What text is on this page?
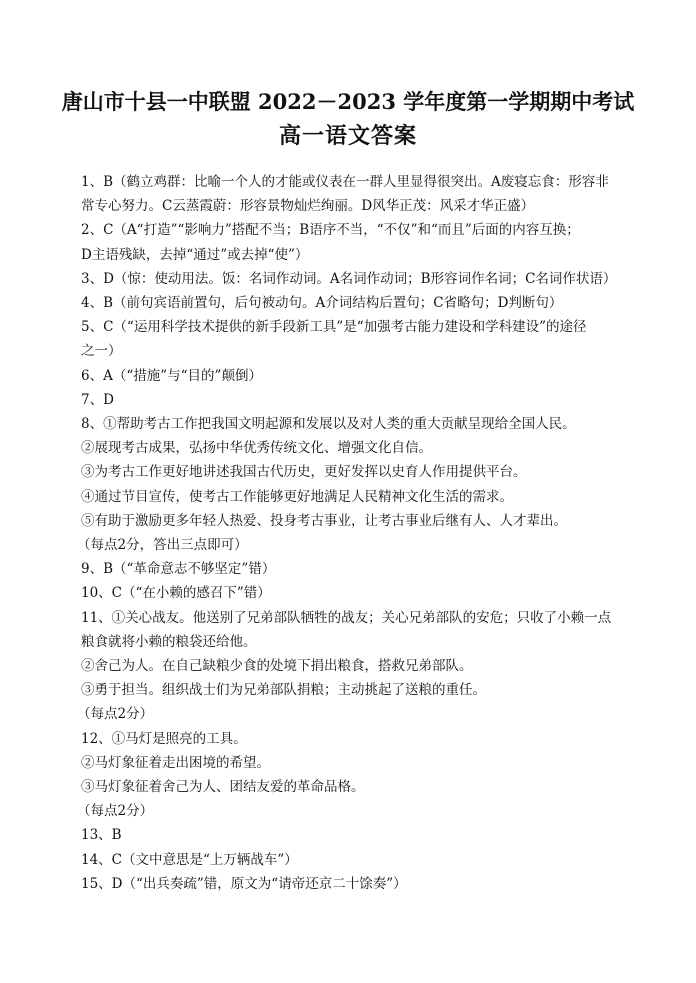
唐山市十县一中联盟 2022－2023 学年度第一学期期中考试
高一语文答案
1、B（鹤立鸡群：比喻一个人的才能或仪表在一群人里显得很突出。A废寝忘食：形容非
常专心努力。C云蒸霞蔚：形容景物灿烂绚丽。D风华正茂：风采才华正盛）
2、C（A“打造”“影响力”搭配不当；B语序不当，“不仅”和“而且”后面的内容互换；
D主语残缺，去掉“通过”或去掉“使”）
3、D（惊：使动用法。饭：名词作动词。A名词作动词；B形容词作名词；C名词作状语）
4、B（前句宾语前置句，后句被动句。A介词结构后置句；C省略句；D判断句）
5、C（“运用科学技术提供的新手段新工具”是“加强考古能力建设和学科建设”的途径
之一）
6、A（“措施”与“目的”颠倒）
7、D
8、①帮助考古工作把我国文明起源和发展以及对人类的重大贡献呈现给全国人民。
②展现考古成果，弘扬中华优秀传统文化、增强文化自信。
③为考古工作更好地讲述我国古代历史，更好发挥以史育人作用提供平台。
④通过节目宣传，使考古工作能够更好地满足人民精神文化生活的需求。
⑤有助于激励更多年轻人热爱、投身考古事业，让考古事业后继有人、人才辈出。
（每点2分，答出三点即可）
9、B（“革命意志不够坚定”错）
10、C（“在小赖的感召下”错）
11、①关心战友。他送别了兄弟部队牺牲的战友；关心兄弟部队的安危；只收了小赖一点
粮食就将小赖的粮袋还给他。
②舍己为人。在自己缺粮少食的处境下捐出粮食，搭救兄弟部队。
③勇于担当。组织战士们为兄弟部队捐粮；主动挑起了送粮的重任。
（每点2分）
12、①马灯是照亮的工具。
②马灯象征着走出困境的希望。
③马灯象征着舍己为人、团结友爱的革命品格。
（每点2分）
13、B
14、C（文中意思是“上万辆战车”）
15、D（“出兵奏疏”错，原文为“请帝还京二十馀奏”）
